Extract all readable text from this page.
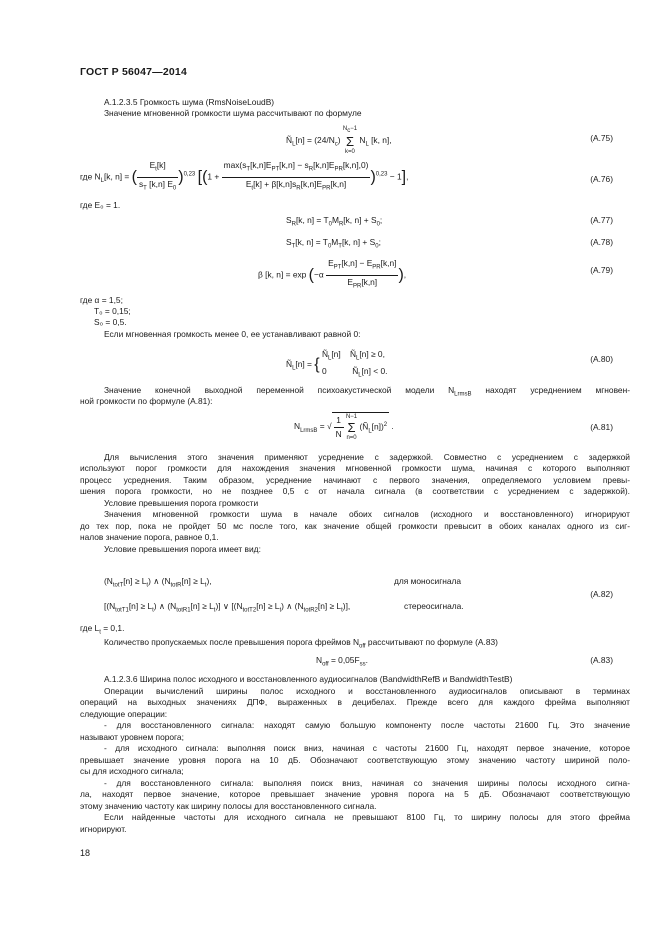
ГОСТ Р 56047—2014
А.1.2.3.5 Громкость шума (RmsNoiseLoudB)
Значение мгновенной громкости шума рассчитывают по формуле
$Ñ_L[n] = (24/N_c)$ $N_c-1$
Σ
k=0 $N_L$ [k, n],	(А.75)
где $N_L[k$, n] = ( $\frac{E_t[k]}{s_T [k,n] E_0} )^{0,23}$ $[(1 + \frac{\max(s_T[k,n]E_{PT}[k,n] - s_R[k,n]E_{PR}[k,n],0)}{E_t[k] + \beta[k,n]s_R[k,n]E_{PR}[k,n]} )^{0,23} - 1]$,	(А.76)
где E₀ = 1.
$S_R[k$, $n] = T_0M_R[k$, $n] + S_0$;	(А.77)
$S_T[k$, $n] = T_0M_T[k$, $n] + S_0$;	(А.78)
β [k, $n] = \exp (-\alpha \frac{E_{PT}[k,n] - E_{PR}[k,n]}{E_{PR}[k,n]}$ ),	(А.79)
где α = 1,5;
T₀ = 0,15;
S₀ = 0,5.
Если мгновенная громкость менее 0, ее устанавливают равной 0:
$Ñ_L[n]$ = { $Ñ_L[n]$    $Ñ_L[n] \ge 0$,
0           $Ñ_L[n] < 0$.
(А.80)
Значение конечной выходной переменной психоакустической модели $N_{LrmsB}$ находят усреднением мгновен-
ной громкости по формуле (А.81):
$N_{LrmsB}$ = √ $\frac{1}{N} N-1$
Σ
n=0 $(Ñ_L[n])^2$ .	(А.81)
Для вычисления этого значения применяют усреднение с задержкой. Совместно с усреднением с задержкой
используют порог громкости для нахождения значения мгновенной громкости шума, начиная с которого выполняют
процесс усреднения. Таким образом, усреднение начинают с первого значения, определяемого условием превы-
шения порога громкости, но не позднее 0,5 с от начала сигнала (в соответствии с усреднением с задержкой).
Условие превышения порога громкости
Значения мгновенной громкости шума в начале обоих сигналов (исходного и восстановленного) игнорируют
до тех пор, пока не пройдет 50 мс после того, как значение общей громкости превысит в обоих каналах одного из сиг-
налов значение порога, равное 0,1.
Условие превышения порога имеет вид:
$(N_{totT}[n] \ge L_t)$ ∧ $(N_{totR}[n] \ge L_t)$,	для моносигнала
(А.82)
[$(N_{totT1}[n] \ge L_t)$ ∧ $(N_{totR1}[n] \ge L_t)$] ∨ [$(N_{totT2}[n] \ge L_t)$ ∧ $(N_{totR2}[n] \ge L_t)$],	стереосигнала.
где $L_t = 0,1$.
Количество пропускаемых после превышения порога фреймов $N_{off}$ рассчитывают по формуле (А.83)
$N_{off} = 0,05F_{ss}$.	(А.83)
А.1.2.3.6 Ширина полос исходного и восстановленного аудиосигналов (BandwidthRefB и BandwidthTestB)
Операции вычислений ширины полос исходного и восстановленного аудиосигналов описывают в терминах
операций на выходных значениях ДПФ, выраженных в децибелах. Прежде всего для каждого фрейма выполняют
следующие операции:
- для восстановленного сигнала: находят самую большую компоненту после частоты 21600 Гц. Это значение
называют уровнем порога;
- для исходного сигнала: выполняя поиск вниз, начиная с частоты 21600 Гц, находят первое значение, которое
превышает значение уровня порога на 10 дБ. Обозначают соответствующую этому значению частоту шириной поло-
сы для исходного сигнала;
- для восстановленного сигнала: выполняя поиск вниз, начиная со значения ширины полосы исходного сигна-
ла, находят первое значение, которое превышает значение уровня порога на 5 дБ. Обозначают соответствующую
этому значению частоту как ширину полосы для восстановленного сигнала.
Если найденные частоты для исходного сигнала не превышают 8100 Гц, то ширину полосы для этого фрейма
игнорируют.
18
